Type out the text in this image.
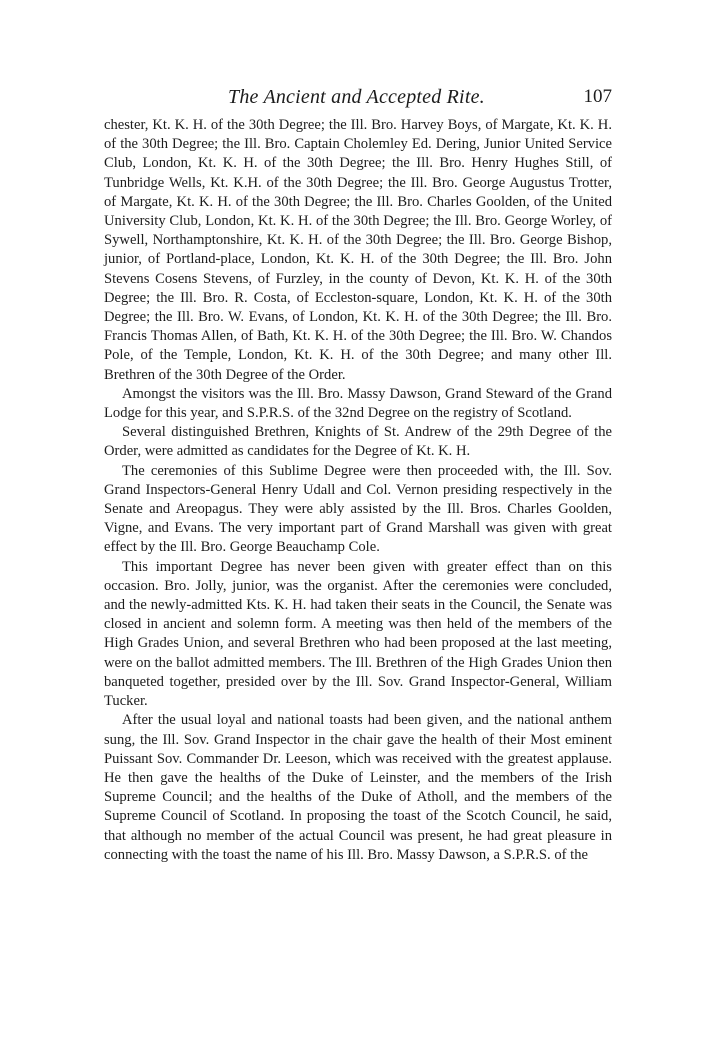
The Ancient and Accepted Rite.	107

chester, Kt. K. H. of the 30th Degree; the Ill. Bro. Harvey Boys, of Margate, Kt. K. H. of the 30th Degree; the Ill. Bro. Captain Cholemley Ed. Dering, Junior United Service Club, London, Kt. K. H. of the 30th Degree; the Ill. Bro. Henry Hughes Still, of Tunbridge Wells, Kt. K.H. of the 30th Degree; the Ill. Bro. George Augustus Trotter, of Margate, Kt. K. H. of the 30th Degree; the Ill. Bro. Charles Goolden, of the United University Club, London, Kt. K. H. of the 30th Degree; the Ill. Bro. George Worley, of Sywell, Northamptonshire, Kt. K. H. of the 30th Degree; the Ill. Bro. George Bishop, junior, of Portland-place, London, Kt. K. H. of the 30th Degree; the Ill. Bro. John Stevens Cosens Stevens, of Furzley, in the county of Devon, Kt. K. H. of the 30th Degree; the Ill. Bro. R. Costa, of Eccleston-square, London, Kt. K. H. of the 30th Degree; the Ill. Bro. W. Evans, of London, Kt. K. H. of the 30th Degree; the Ill. Bro. Francis Thomas Allen, of Bath, Kt. K. H. of the 30th Degree; the Ill. Bro. W. Chandos Pole, of the Temple, London, Kt. K. H. of the 30th Degree; and many other Ill. Brethren of the 30th Degree of the Order.

Amongst the visitors was the Ill. Bro. Massy Dawson, Grand Steward of the Grand Lodge for this year, and S.P.R.S. of the 32nd Degree on the registry of Scotland.

Several distinguished Brethren, Knights of St. Andrew of the 29th Degree of the Order, were admitted as candidates for the Degree of Kt. K. H.

The ceremonies of this Sublime Degree were then proceeded with, the Ill. Sov. Grand Inspectors-General Henry Udall and Col. Vernon presiding respectively in the Senate and Areopagus. They were ably assisted by the Ill. Bros. Charles Goolden, Vigne, and Evans. The very important part of Grand Marshall was given with great effect by the Ill. Bro. George Beauchamp Cole.

This important Degree has never been given with greater effect than on this occasion. Bro. Jolly, junior, was the organist. After the ceremonies were concluded, and the newly-admitted Kts. K. H. had taken their seats in the Council, the Senate was closed in ancient and solemn form. A meeting was then held of the members of the High Grades Union, and several Brethren who had been proposed at the last meeting, were on the ballot admitted members. The Ill. Brethren of the High Grades Union then banqueted together, presided over by the Ill. Sov. Grand Inspector-General, William Tucker.

After the usual loyal and national toasts had been given, and the national anthem sung, the Ill. Sov. Grand Inspector in the chair gave the health of their Most eminent Puissant Sov. Commander Dr. Leeson, which was received with the greatest applause. He then gave the healths of the Duke of Leinster, and the members of the Irish Supreme Council; and the healths of the Duke of Atholl, and the members of the Supreme Council of Scotland. In proposing the toast of the Scotch Council, he said, that although no member of the actual Council was present, he had great pleasure in connecting with the toast the name of his Ill. Bro. Massy Dawson, a S.P.R.S. of the
